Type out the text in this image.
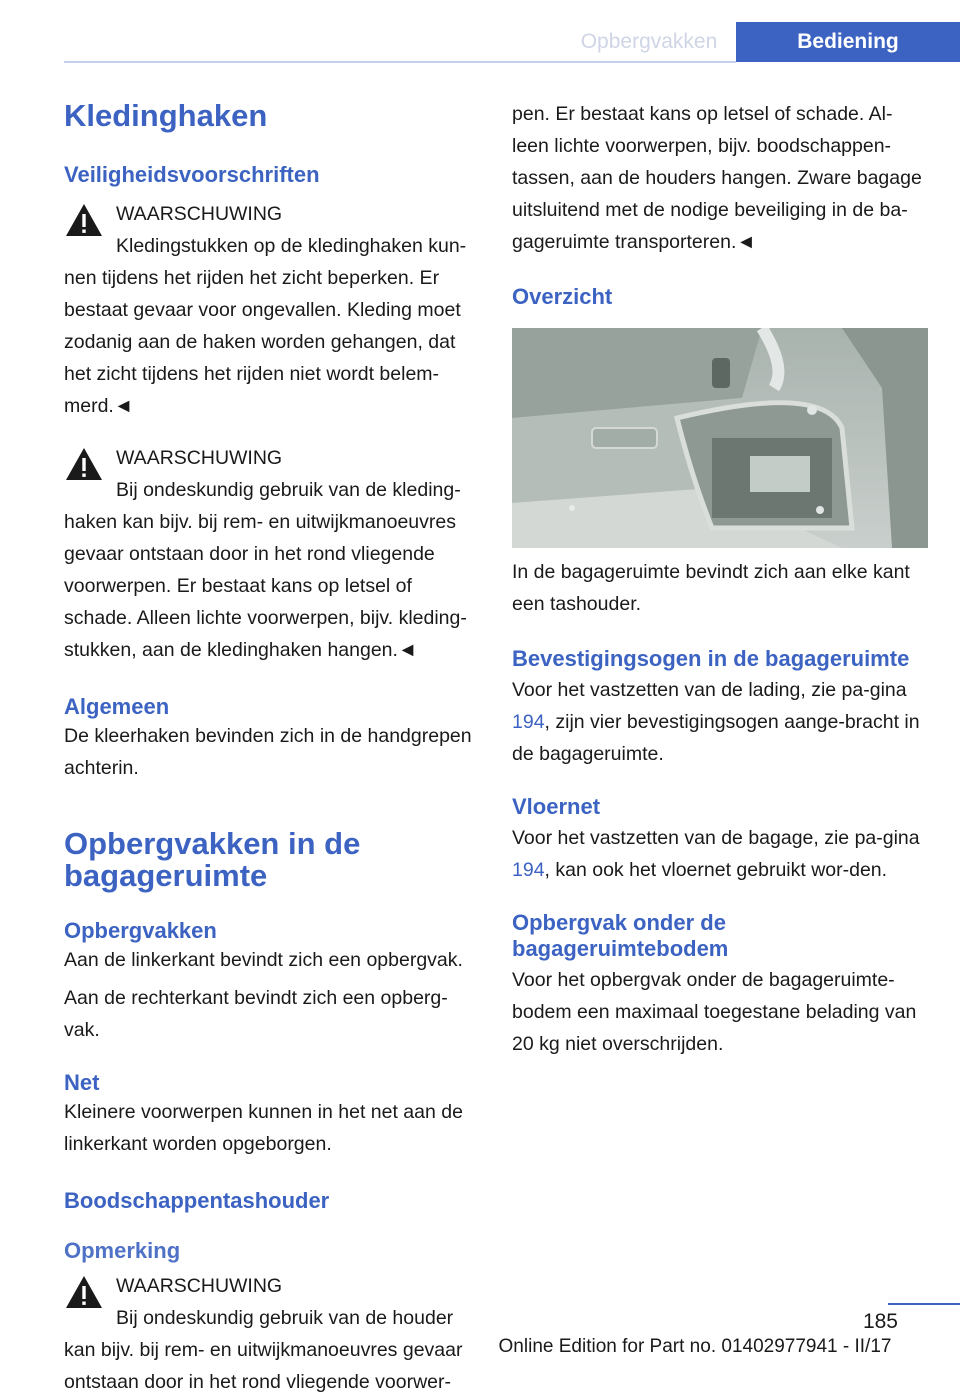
Opbergvakken	Bediening
Kledinghaken
Veiligheidsvoorschriften

WAARSCHUWING

Kledingstukken op de kledinghaken kun-

nen tijdens het rijden het zicht beperken. Er bestaat gevaar voor ongevallen. Kleding moet zodanig aan de haken worden gehangen, dat het zicht tijdens het rijden niet wordt belem-merd.◄

WAARSCHUWING

Bij ondeskundig gebruik van de kleding-

haken kan bijv. bij rem- en uitwijkmanoeuvres gevaar ontstaan door in het rond vliegende voorwerpen. Er bestaat kans op letsel of schade. Alleen lichte voorwerpen, bijv. kleding-stukken, aan de kledinghaken hangen.◄

Algemeen

De kleerhaken bevinden zich in de handgrepen achterin.

Opbergvakken in de bagageruimte
Opbergvakken

Aan de linkerkant bevindt zich een opbergvak.

Aan de rechterkant bevindt zich een opberg-vak.

Net

Kleinere voorwerpen kunnen in het net aan de linkerkant worden opgeborgen.

Boodschappentashouder
Opmerking

WAARSCHUWING

Bij ondeskundig gebruik van de houder

kan bijv. bij rem- en uitwijkmanoeuvres gevaar ontstaan door in het rond vliegende voorwer-

pen. Er bestaat kans op letsel of schade. Al-leen lichte voorwerpen, bijv. boodschappen-tassen, aan de houders hangen. Zware bagage uitsluitend met de nodige beveiliging in de ba-gageruimte transporteren.◄

Overzicht

In de bagageruimte bevindt zich aan elke kant een tashouder.

Bevestigingsogen in de bagageruimte

Voor het vastzetten van de lading, zie pa-gina 194, zijn vier bevestigingsogen aange-bracht in de bagageruimte.

Vloernet

Voor het vastzetten van de bagage, zie pa-gina 194, kan ook het vloernet gebruikt wor-den.

Opbergvak onder de bagageruimtebodem

Voor het opbergvak onder de bagageruimte-bodem een maximaal toegestane belading van 20 kg niet overschrijden.

185
Online Edition for Part no. 01402977941 - II/17
